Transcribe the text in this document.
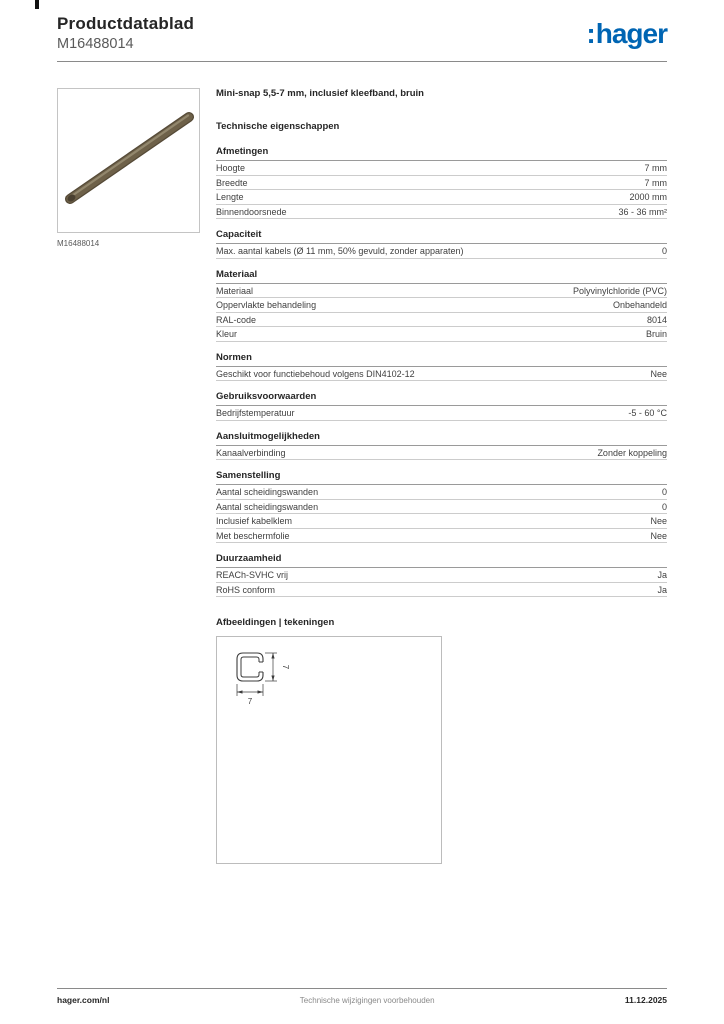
Productdatablad
M16488014	:hager
M16488014
Mini-snap 5,5-7 mm, inclusief kleefband, bruin
Technische eigenschappen
Afmetingen
Hoogte	7 mm
Breedte	7 mm
Lengte	2000 mm
Binnendoorsnede	36 - 36 mm²
Capaciteit
Max. aantal kabels (Ø 11 mm, 50% gevuld, zonder apparaten)	0
Materiaal
Materiaal	Polyvinylchloride (PVC)
Oppervlakte behandeling	Onbehandeld
RAL-code	8014
Kleur	Bruin
Normen
Geschikt voor functiebehoud volgens DIN4102-12	Nee
Gebruiksvoorwaarden
Bedrijfstemperatuur	-5 - 60 °C
Aansluitmogelijkheden
Kanaalverbinding	Zonder koppeling
Samenstelling
Aantal scheidingswanden	0
Aantal scheidingswanden	0
Inclusief kabelklem	Nee
Met beschermfolie	Nee
Duurzaamheid
REACh-SVHC vrij	Ja
RoHS conform	Ja
Afbeeldingen | tekeningen
7
7
hager.com/nl	Technische wijzigingen voorbehouden	11.12.2025
